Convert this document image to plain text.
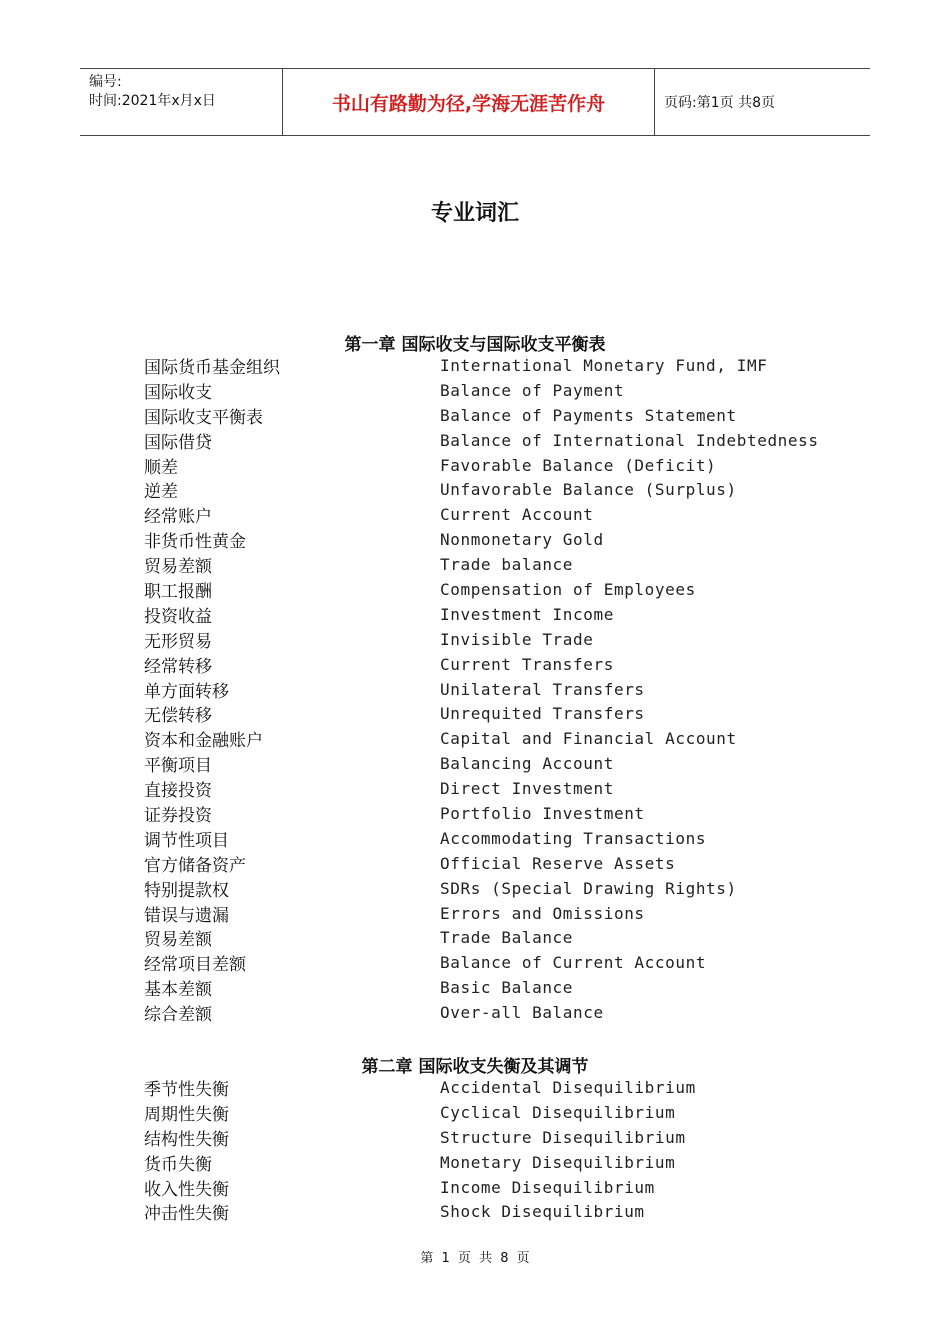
编号:
时间:2021年x月x日	书山有路勤为径,学海无涯苦作舟	页码:第1页 共8页
专业词汇
第一章 国际收支与国际收支平衡表
国际货币基金组织	International Monetary Fund, IMF
国际收支	Balance of Payment
国际收支平衡表	Balance of Payments Statement
国际借贷	Balance of International Indebtedness
顺差	Favorable Balance (Deficit)
逆差	Unfavorable Balance (Surplus)
经常账户	Current Account
非货币性黄金	Nonmonetary Gold
贸易差额	Trade balance
职工报酬	Compensation of Employees
投资收益	Investment Income
无形贸易	Invisible Trade
经常转移	Current Transfers
单方面转移	Unilateral Transfers
无偿转移	Unrequited Transfers
资本和金融账户	Capital and Financial Account
平衡项目	Balancing Account
直接投资	Direct Investment
证券投资	Portfolio Investment
调节性项目	Accommodating Transactions
官方储备资产	Official Reserve Assets
特别提款权	SDRs (Special Drawing Rights)
错误与遗漏	Errors and Omissions
贸易差额	Trade Balance
经常项目差额	Balance of Current Account
基本差额	Basic Balance
综合差额	Over-all Balance
第二章 国际收支失衡及其调节
季节性失衡	Accidental Disequilibrium
周期性失衡	Cyclical Disequilibrium
结构性失衡	Structure Disequilibrium
货币失衡	Monetary Disequilibrium
收入性失衡	Income Disequilibrium
冲击性失衡	Shock Disequilibrium
第 1 页 共 8 页
